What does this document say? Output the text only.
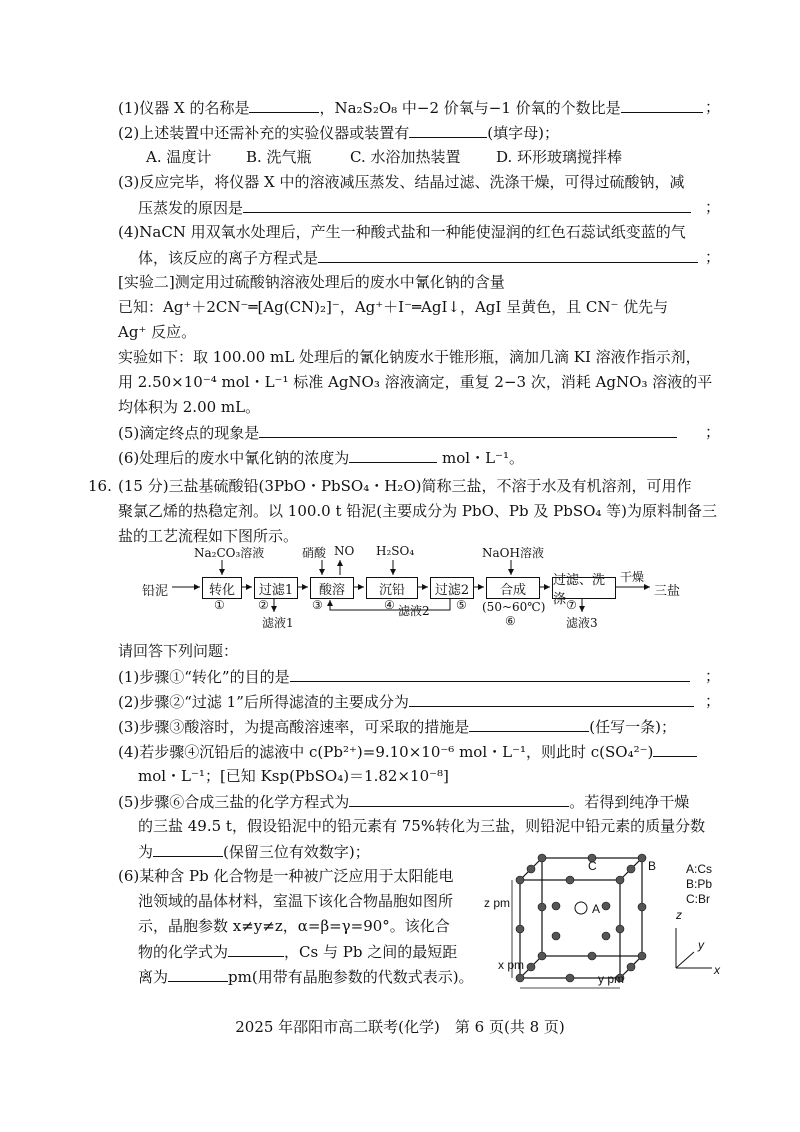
(1)仪器 X 的名称是	，Na₂S₂O₈ 中−2 价氧与−1 价氧的个数比是	；
(2)上述装置中还需补充的实验仪器或装置有	(填字母)；
A. 温度计 B. 洗气瓶	C. 水浴加热装置 D. 环形玻璃搅拌棒
(3)反应完毕，将仪器 X 中的溶液减压蒸发、结晶过滤、洗涤干燥，可得过硫酸钠，减
压蒸发的原因是	；
(4)NaCN 用双氧水处理后，产生一种酸式盐和一种能使湿润的红色石蕊试纸变蓝的气
体，该反应的离子方程式是	；
[实验二]测定用过硫酸钠溶液处理后的废水中氰化钠的含量
已知：Ag⁺＋2CN⁻═[Ag(CN)₂]⁻，Ag⁺＋I⁻═AgI↓，AgI 呈黄色，且 CN⁻ 优先与
Ag⁺ 反应。
实验如下：取 100.00 mL 处理后的氰化钠废水于锥形瓶，滴加几滴 KI 溶液作指示剂，
用 2.50×10⁻⁴ mol・L⁻¹ 标准 AgNO₃ 溶液滴定，重复 2−3 次，消耗 AgNO₃ 溶液的平
均体积为 2.00 mL。
(5)滴定终点的现象是	；
(6)处理后的废水中氰化钠的浓度为	mol・L⁻¹。
16. (15 分)三盐基硫酸铅(3PbO・PbSO₄・H₂O)简称三盐，不溶于水及有机溶剂，可用作
聚氯乙烯的热稳定剂。以 100.0 t 铅泥(主要成分为 PbO、Pb 及 PbSO₄ 等)为原料制备三
盐的工艺流程如下图所示。
Na₂CO₃溶液	硝酸 NO H₂SO₄	NaOH溶液
铅泥	转化	过滤1	酸溶	沉铅	过滤2	合成
过滤、洗涤
干燥
三盐
①	②	③	④	⑤	⑦
滤液1
滤液2	(50~60℃)
⑥	滤液3
请回答下列问题：
(1)步骤①“转化”的目的是	；
(2)步骤②“过滤 1”后所得滤渣的主要成分为	；
(3)步骤③酸溶时，为提高酸溶速率，可采取的措施是	(任写一条)；
(4)若步骤④沉铅后的滤液中 c(Pb²⁺)=9.10×10⁻⁶ mol・L⁻¹，则此时 c(SO₄²⁻)
mol・L⁻¹；[已知 Ksp(PbSO₄)＝1.82×10⁻⁸]
(5)步骤⑥合成三盐的化学方程式为	。若得到纯净干燥
的三盐 49.5 t，假设铅泥中的铅元素有 75%转化为三盐，则铅泥中铅元素的质量分数
为	(保留三位有效数字)；
(6)某种含 Pb 化合物是一种被广泛应用于太阳能电
池领域的晶体材料，室温下该化合物晶胞如图所
示，晶胞参数 x≠y≠z，α=β=γ=90°。该化合
物的化学式为	，Cs 与 Pb 之间的最短距
离为	pm(用带有晶胞参数的代数式表示)。
C	B
A
z pm
x pm
y pm
A:Cs
B:Pb
C:Br
z
y
x
2025 年邵阳市高二联考(化学)　第 6 页(共 8 页)
